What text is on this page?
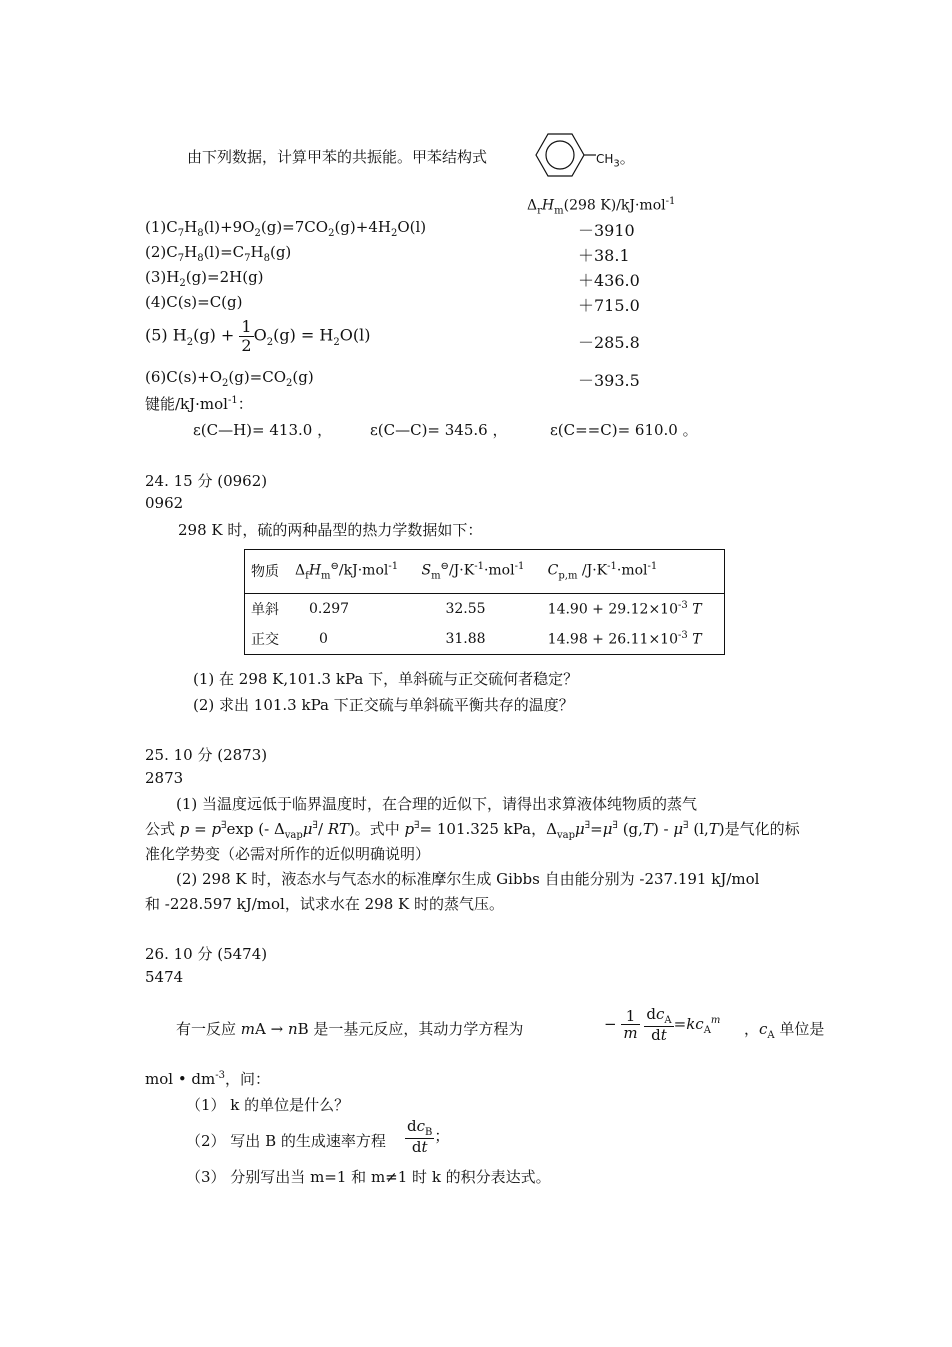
由下列数据，计算甲苯的共振能。甲苯结构式	$CH_3$。
$\Delta_rH_m(298$ K)/kJ·mol$^{-1}$
$(1)C_7H_8(l)+9O_2(g)=7CO_2(g)+4H_2O(l)$	－3910
$(2)C_7H_8(l)=C_7H_8(g)$	＋38.1
$(3)H_2(g)=2H(g)$	＋436.0
(4)C(s)=C(g)	＋715.0
(5) $H_2(g) + \frac{1}{2} O_2(g) = H_2O(l)$	－285.8
$(6)C(s)+O_2(g)=CO_2(g)$	－393.5
键能/kJ·mol$^{-1}$：
ε(C—H)= 413.0 ，	ε(C—C)= 345.6 ，	ε(C==C)= 610.0 。
24. 15 分 (0962)
0962
298 K 时，硫的两种晶型的热力学数据如下：
物质	$\Delta_fH_m^⊖/kJ\cdot mol^{-1}$	$S_m^⊖/J\cdot K^{-1}\cdot mol^{-1}$	$C_{p,m}$ $/J\cdot K^{-1}\cdot mol^{-1}$
单斜	0.297	32.55	$14.90 + 29.12\times 10^{-3}$ T
正交	0	31.88	$14.98 + 26.11\times 10^{-3}$ T
(1) 在 298 K,101.3 kPa 下，单斜硫与正交硫何者稳定？
(2) 求出 101.3 kPa 下正交硫与单斜硫平衡共存的温度？
25. 10 分 (2873)
2873
(1) 当温度远低于临界温度时，在合理的近似下，请得出求算液体纯物质的蒸气
公式 p = p∃exp (- $\Delta_{vap}\mu^\exists/$ RT)。式中 p∃= 101.325 kPa，$\Delta_{vap}\mu^\exists=\mu^\exists$ (g,T) - μ∃ (l,T)是气化的标
准化学势变（必需对所作的近似明确说明）
(2) 298 K 时，液态水与气态水的标准摩尔生成 Gibbs 自由能分别为 -237.191 kJ/mol
和 -228.597 kJ/mol，试求水在 298 K 时的蒸气压。
26. 10 分 (5474)
5474
有一反应 mA → nB 是一基元反应，其动力学方程为	− $\frac{1}{m}$
$\frac{dc_A}{dt} =kc_A^m$ ，$c_A$ 单位是
mol • $dm^{-3}$，问：
（1） k 的单位是什么？
（2） 写出 B 的生成速率方程 $\frac{dc_B}{dt}$ ；
（3） 分别写出当 m=1 和 m≠1 时 k 的积分表达式。
